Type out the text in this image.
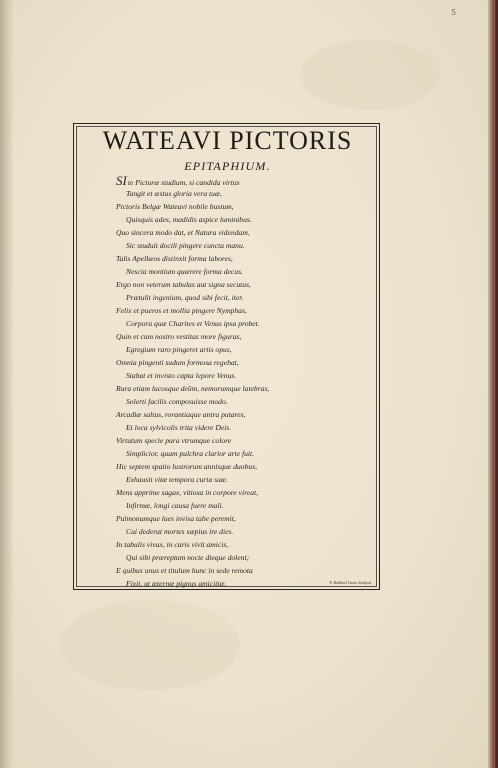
5
WATEAVI PICTORIS
EPITAPHIUM.
SIte Picturæ studium, si candida virtus
Tangit et æstus gloria vera tuæ,
Pictoris Belgæ Wateavi nobile bustum,
Quisquis ades, madidis aspice luminibus.
Quo sincera modo dat, et Natura videndam,
Sic studuit docili pingere cuncta manu.
Talis Apellæos distinxit forma labores,
Nescia montium quærere forma decus.
Ergo non veterum tabulas aut signa secutus,
Prætulit ingenium, quod sibi fecit, iter.
Felix et pueros et mollia pingere Nymphas,
Corpora quæ Charites et Venus ipsa probet.
Quin et cum nostro vestitas more figuras,
Egregium raro pingeret artis opus,
Omnia pingenti sudum formosa regebat,
Stabat et invisto capta lepore Venus.
Rura etiam lucosque deûm, nemorumque latebras,
Solerti facilis composuisse modo.
Arcadiæ saltus, rorantiaque antra putares,
Et loca sylvicolis trita videre Deis.
Virtutum specie pura vtrumque colore
Simplicior, quam pulchra clarior arte fuit.
Hic septem spatio lustrorum annisque duobus,
Exhausit vitæ tempora curta suæ.
Mens apprime sagax, vitiosa in corpore vireat,
Infirmæ, longi causa fuere mali.
Pulmonumque lues invisa tabe peremit,
Cui dederat mortes sæpius ire dies.
In tabulis vivax, in caris vivit amicis,
Qui sibi præreptum nocte dieque dolent;
E quibus unus et titulum hunc in sede remota
Fixit, ut æternæ pignus amicitiæ.	F. Baillard Lisieu Sculpsit
